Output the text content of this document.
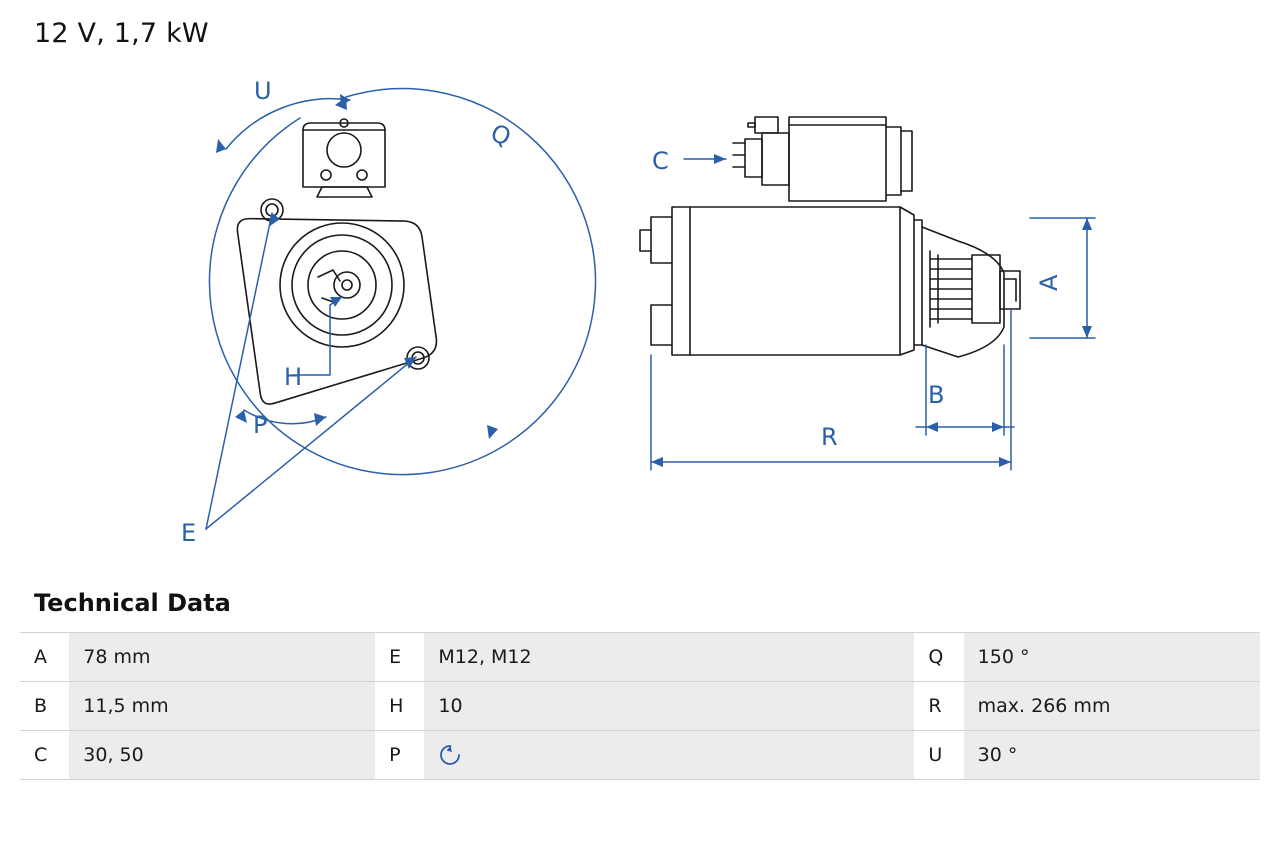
12 V, 1,7 kW
U
Q
H
P
E
C
A
B
R
Technical Data
A	78 mm	E	M12, M12	Q	150 °
B	11,5 mm	H	10	R	max. 266 mm
C	30, 50	P		U	30 °
